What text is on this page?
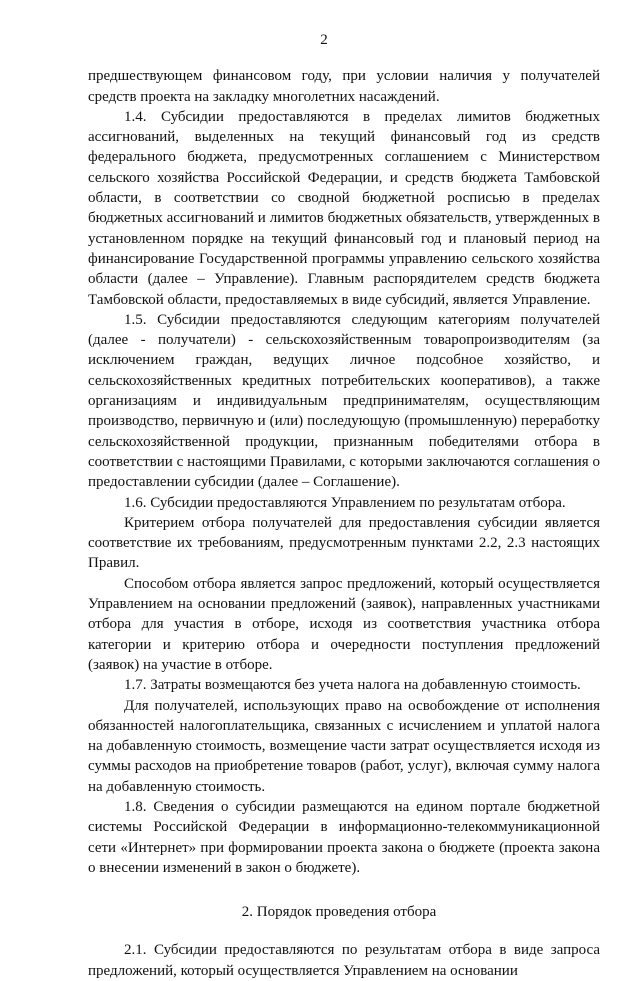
2

предшествующем финансовом году, при условии наличия у получателей средств проекта на закладку многолетних насаждений.

1.4. Субсидии предоставляются в пределах лимитов бюджетных ассигнований, выделенных на текущий финансовый год из средств федерального бюджета, предусмотренных соглашением с Министерством сельского хозяйства Российской Федерации, и средств бюджета Тамбовской области, в соответствии со сводной бюджетной росписью в пределах бюджетных ассигнований и лимитов бюджетных обязательств, утвержденных в установленном порядке на текущий финансовый год и плановый период на финансирование Государственной программы управлению сельского хозяйства области (далее – Управление). Главным распорядителем средств бюджета Тамбовской области, предоставляемых в виде субсидий, является Управление.

1.5. Субсидии предоставляются следующим категориям получателей (далее - получатели) - сельскохозяйственным товаропроизводителям (за исключением граждан, ведущих личное подсобное хозяйство, и сельскохозяйственных кредитных потребительских кооперативов), а также организациям и индивидуальным предпринимателям, осуществляющим производство, первичную и (или) последующую (промышленную) переработку сельскохозяйственной продукции, признанным победителями отбора в соответствии с настоящими Правилами, с которыми заключаются соглашения о предоставлении субсидии (далее – Соглашение).

1.6. Субсидии предоставляются Управлением по результатам отбора.

Критерием отбора получателей для предоставления субсидии является соответствие их требованиям, предусмотренным пунктами 2.2, 2.3 настоящих Правил.

Способом отбора является запрос предложений, который осуществляется Управлением на основании предложений (заявок), направленных участниками отбора для участия в отборе, исходя из соответствия участника отбора категории и критерию отбора и очередности поступления предложений (заявок) на участие в отборе.

1.7. Затраты возмещаются без учета налога на добавленную стоимость.

Для получателей, использующих право на освобождение от исполнения обязанностей налогоплательщика, связанных с исчислением и уплатой налога на добавленную стоимость, возмещение части затрат осуществляется исходя из суммы расходов на приобретение товаров (работ, услуг), включая сумму налога на добавленную стоимость.

1.8. Сведения о субсидии размещаются на едином портале бюджетной системы Российской Федерации в информационно-телекоммуникационной сети «Интернет» при формировании проекта закона о бюджете (проекта закона о внесении изменений в закон о бюджете).

2. Порядок проведения отбора

2.1. Субсидии предоставляются по результатам отбора в виде запроса предложений, который осуществляется Управлением на основании
